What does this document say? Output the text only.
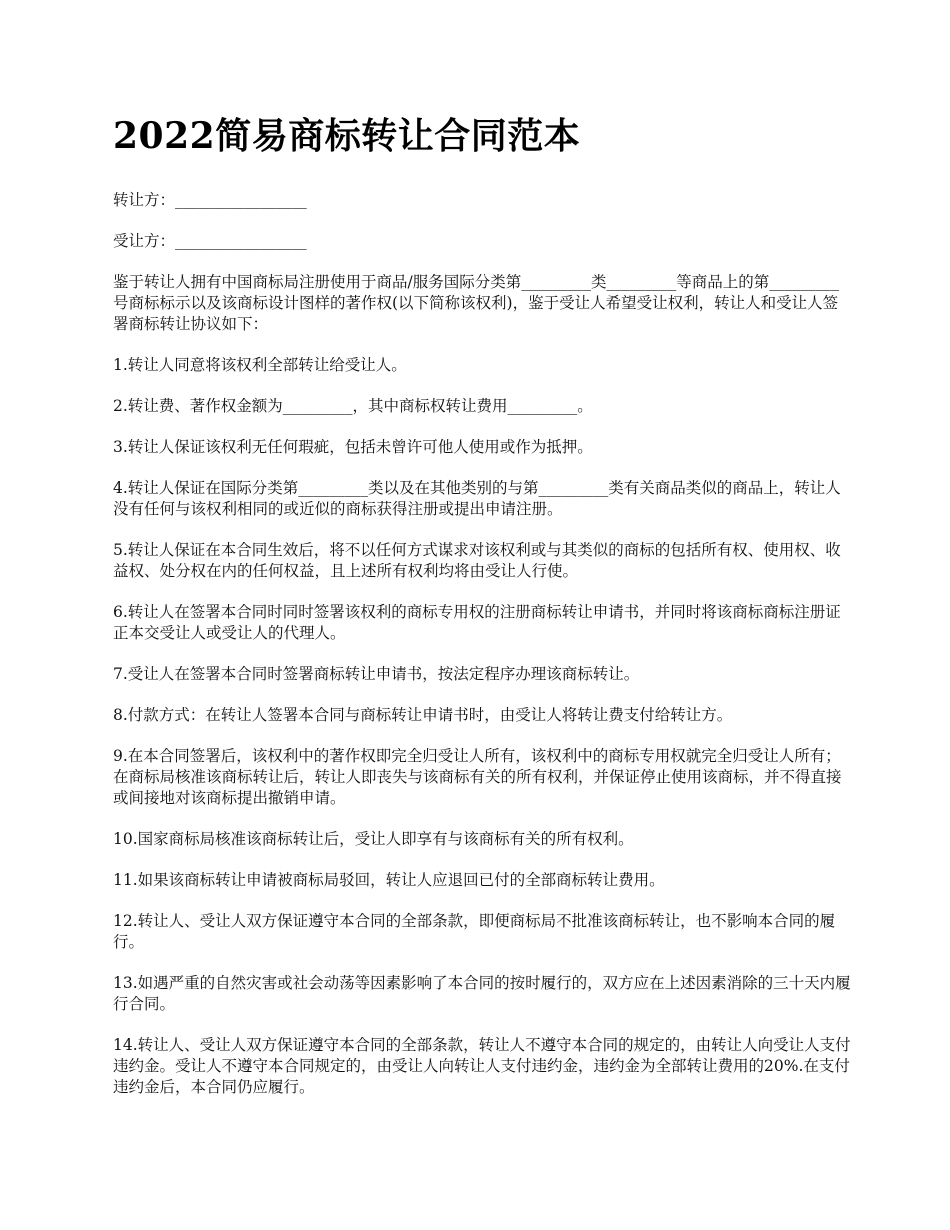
2022简易商标转让合同范本

转让方：_________________

受让方：_________________

鉴于转让人拥有中国商标局注册使用于商品/服务国际分类第_________类_________等商品上的第_________号商标标示以及该商标设计图样的著作权(以下简称该权利)，鉴于受让人希望受让权利，转让人和受让人签署商标转让协议如下：

1.转让人同意将该权利全部转让给受让人。

2.转让费、著作权金额为_________，其中商标权转让费用_________。

3.转让人保证该权利无任何瑕疵，包括未曾许可他人使用或作为抵押。

4.转让人保证在国际分类第_________类以及在其他类别的与第_________类有关商品类似的商品上，转让人没有任何与该权利相同的或近似的商标获得注册或提出申请注册。

5.转让人保证在本合同生效后，将不以任何方式谋求对该权利或与其类似的商标的包括所有权、使用权、收益权、处分权在内的任何权益，且上述所有权利均将由受让人行使。

6.转让人在签署本合同时同时签署该权利的商标专用权的注册商标转让申请书，并同时将该商标商标注册证正本交受让人或受让人的代理人。

7.受让人在签署本合同时签署商标转让申请书，按法定程序办理该商标转让。

8.付款方式：在转让人签署本合同与商标转让申请书时，由受让人将转让费支付给转让方。

9.在本合同签署后，该权利中的著作权即完全归受让人所有，该权利中的商标专用权就完全归受让人所有；在商标局核准该商标转让后，转让人即丧失与该商标有关的所有权利，并保证停止使用该商标，并不得直接或间接地对该商标提出撤销申请。

10.国家商标局核准该商标转让后，受让人即享有与该商标有关的所有权利。

11.如果该商标转让申请被商标局驳回，转让人应退回已付的全部商标转让费用。

12.转让人、受让人双方保证遵守本合同的全部条款，即便商标局不批准该商标转让，也不影响本合同的履行。

13.如遇严重的自然灾害或社会动荡等因素影响了本合同的按时履行的，双方应在上述因素消除的三十天内履行合同。

14.转让人、受让人双方保证遵守本合同的全部条款，转让人不遵守本合同的规定的，由转让人向受让人支付违约金。受让人不遵守本合同规定的，由受让人向转让人支付违约金，违约金为全部转让费用的20%.在支付违约金后，本合同仍应履行。
